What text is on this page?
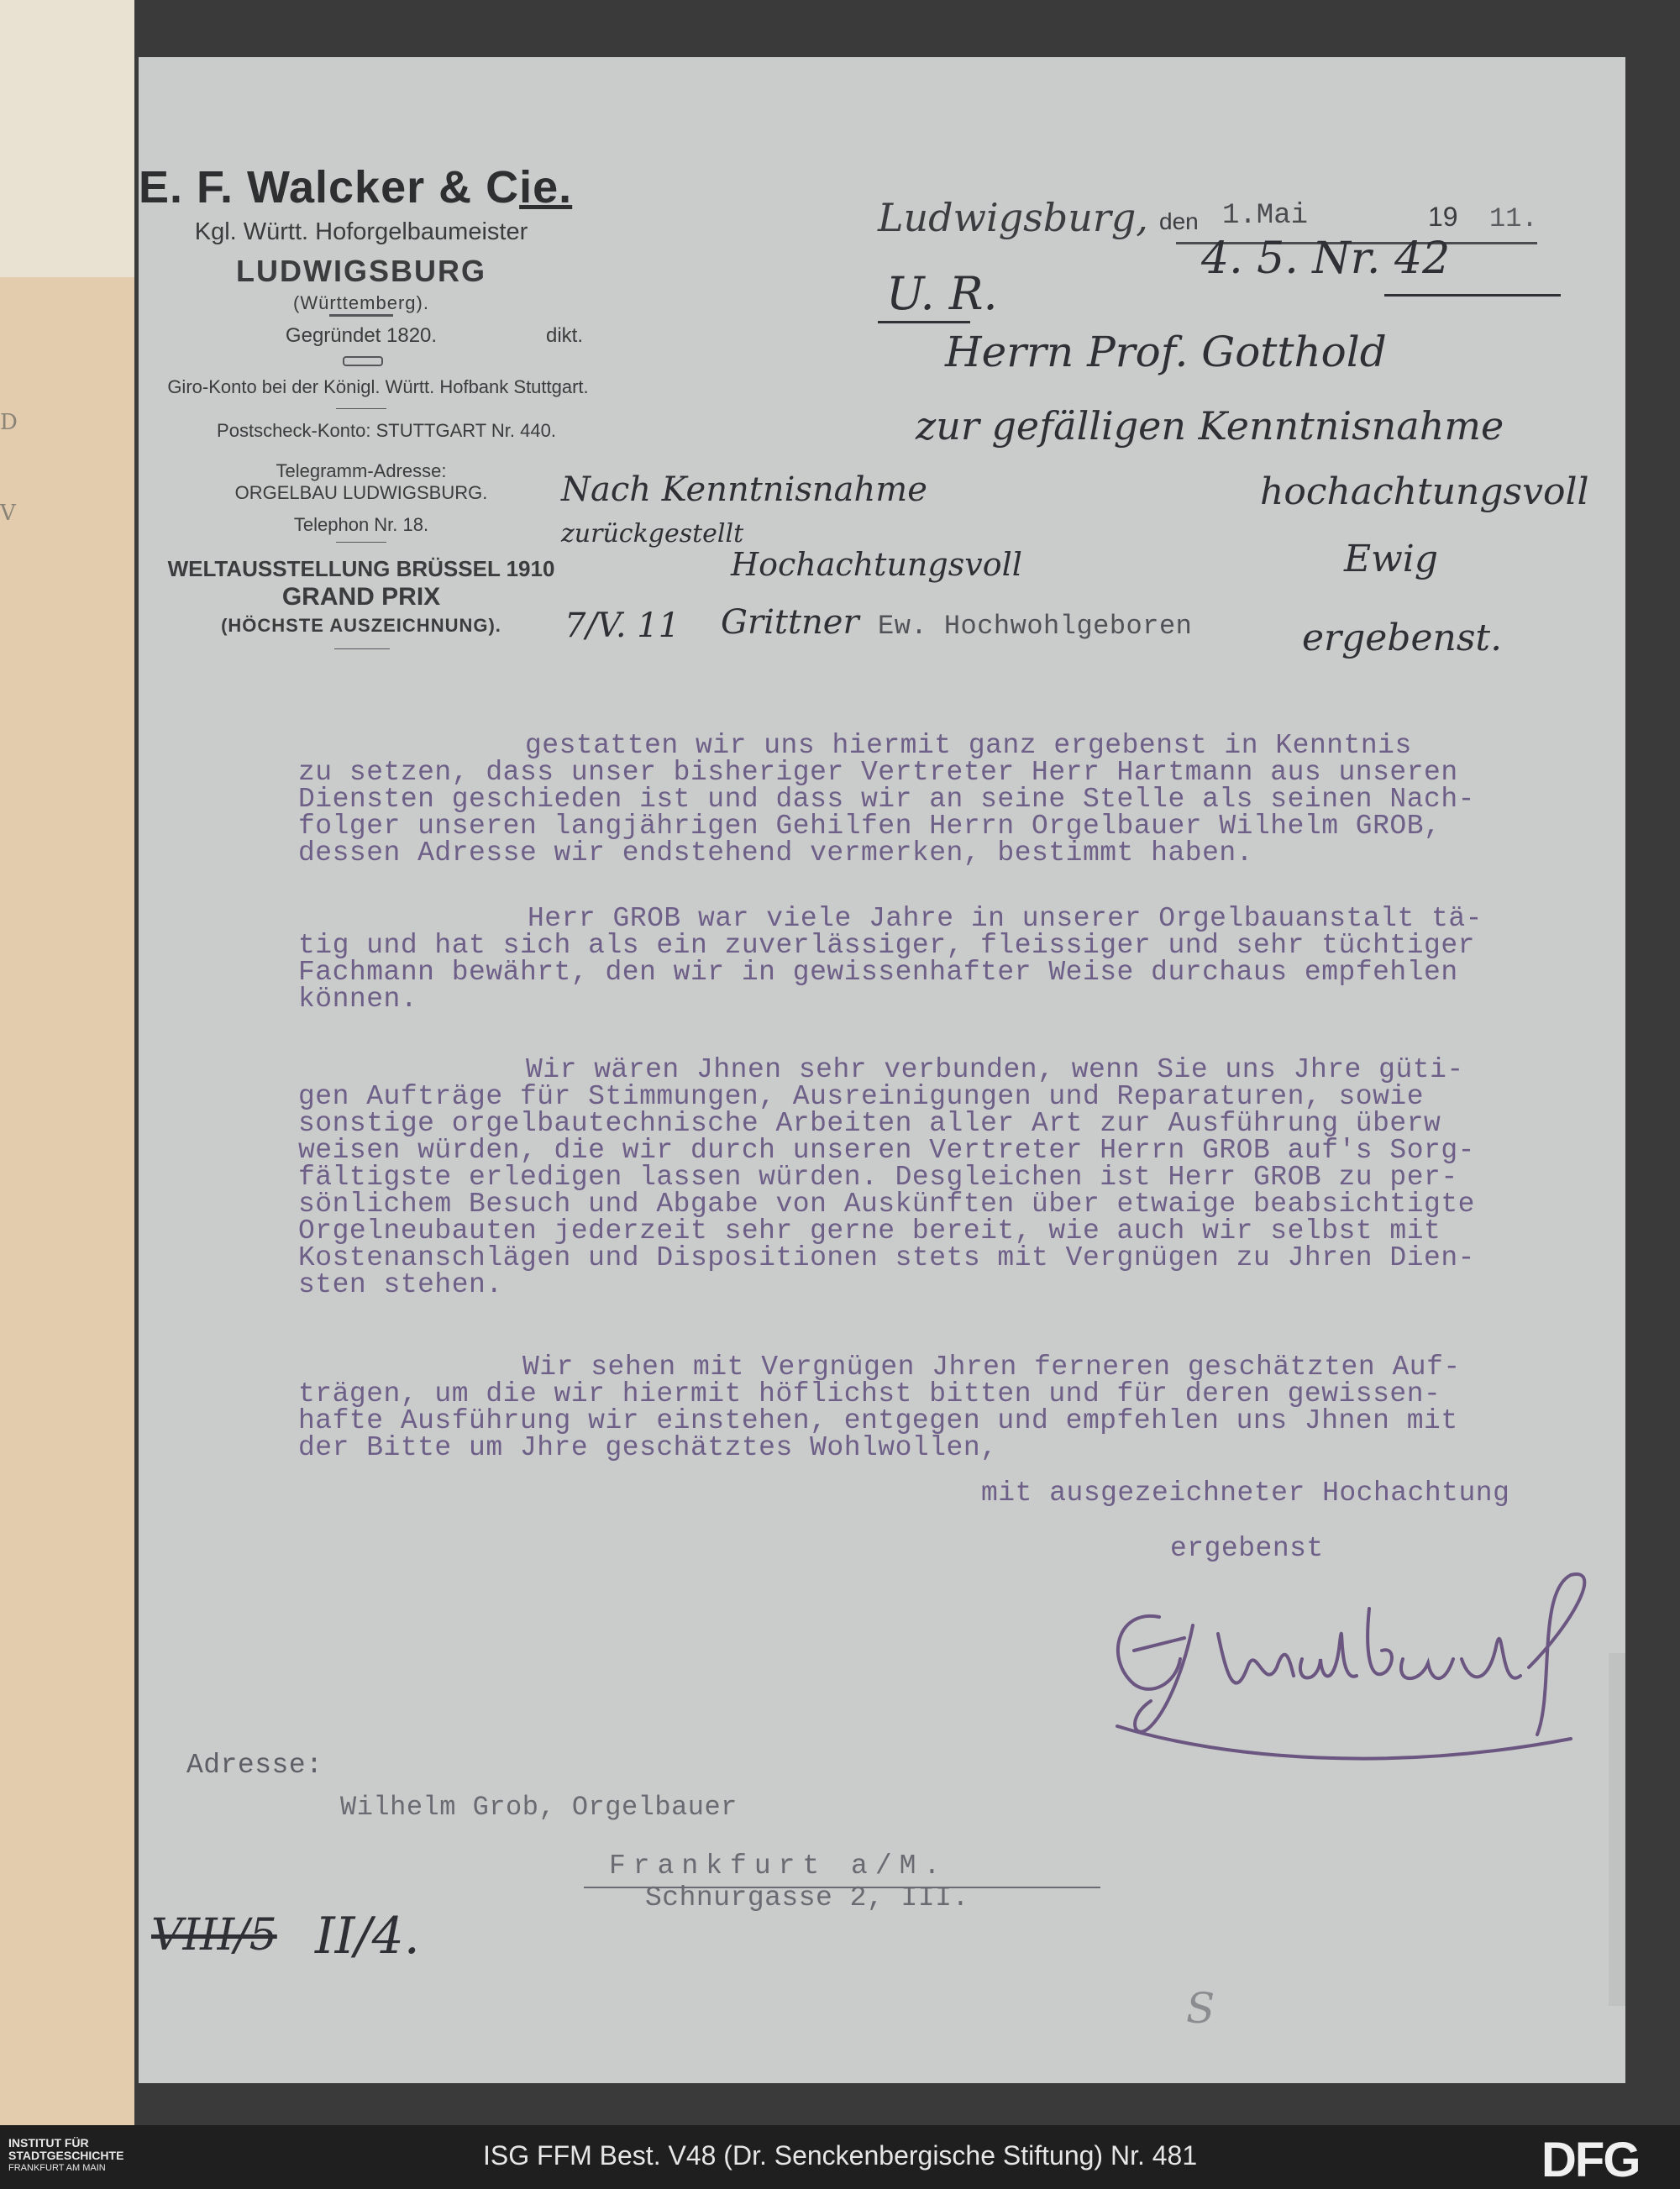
D
V
E. F. Walcker & Cie.
Kgl. Württ. Hoforgelbaumeister
LUDWIGSBURG
(Württemberg).
Gegründet 1820.	dikt.
Giro-Konto bei der Königl. Württ. Hofbank Stuttgart.
Postscheck-Konto: STUTTGART Nr. 440.
Telegramm-Adresse:
ORGELBAU LUDWIGSBURG.
Telephon Nr. 18.
WELTAUSSTELLUNG BRÜSSEL 1910
GRAND PRIX
(HÖCHSTE AUSZEICHNUNG).
Ludwigsburg, den 1.Mai	19 11.
4. 5. Nr. 42
U. R.
Herrn Prof. Gotthold
zur gefälligen Kenntnisnahme
hochachtungsvoll
Ewig
ergebenst.
Nach Kenntnisnahme
zurückgestellt
Hochachtungsvoll
7/V. 11 Grittner Ew. Hochwohlgeboren
gestatten wir uns hiermit ganz ergebenst in Kenntnis
zu setzen, dass unser bisheriger Vertreter Herr Hartmann aus unseren
Diensten geschieden ist und dass wir an seine Stelle als seinen Nach-
folger unseren langjährigen Gehilfen Herrn Orgelbauer Wilhelm GROB,
dessen Adresse wir endstehend vermerken, bestimmt haben.
Herr GROB war viele Jahre in unserer Orgelbauanstalt tä-
tig und hat sich als ein zuverlässiger, fleissiger und sehr tüchtiger
Fachmann bewährt, den wir in gewissenhafter Weise durchaus empfehlen
können.
Wir wären Jhnen sehr verbunden, wenn Sie uns Jhre güti-
gen Aufträge für Stimmungen, Ausreinigungen und Reparaturen, sowie
sonstige orgelbautechnische Arbeiten aller Art zur Ausführung überw
weisen würden, die wir durch unseren Vertreter Herrn GROB auf's Sorg-
fältigste erledigen lassen würden. Desgleichen ist Herr GROB zu per-
sönlichem Besuch und Abgabe von Auskünften über etwaige beabsichtigte
Orgelneubauten jederzeit sehr gerne bereit, wie auch wir selbst mit
Kostenanschlägen und Dispositionen stets mit Vergnügen zu Jhren Dien-
sten stehen.
Wir sehen mit Vergnügen Jhren ferneren geschätzten Auf-
trägen, um die wir hiermit höflichst bitten und für deren gewissen-
hafte Ausführung wir einstehen, entgegen und empfehlen uns Jhnen mit
der Bitte um Jhre geschätztes Wohlwollen,
mit ausgezeichneter Hochachtung
ergebenst
Adresse:
Wilhelm Grob, Orgelbauer
Frankfurt a/M.
Schnurgasse 2, III.
VIII/5 II/4.
S
INSTITUT FÜR
STADTGESCHICHTE
FRANKFURT AM MAIN	ISG FFM Best. V48 (Dr. Senckenbergische Stiftung) Nr. 481	DFG
